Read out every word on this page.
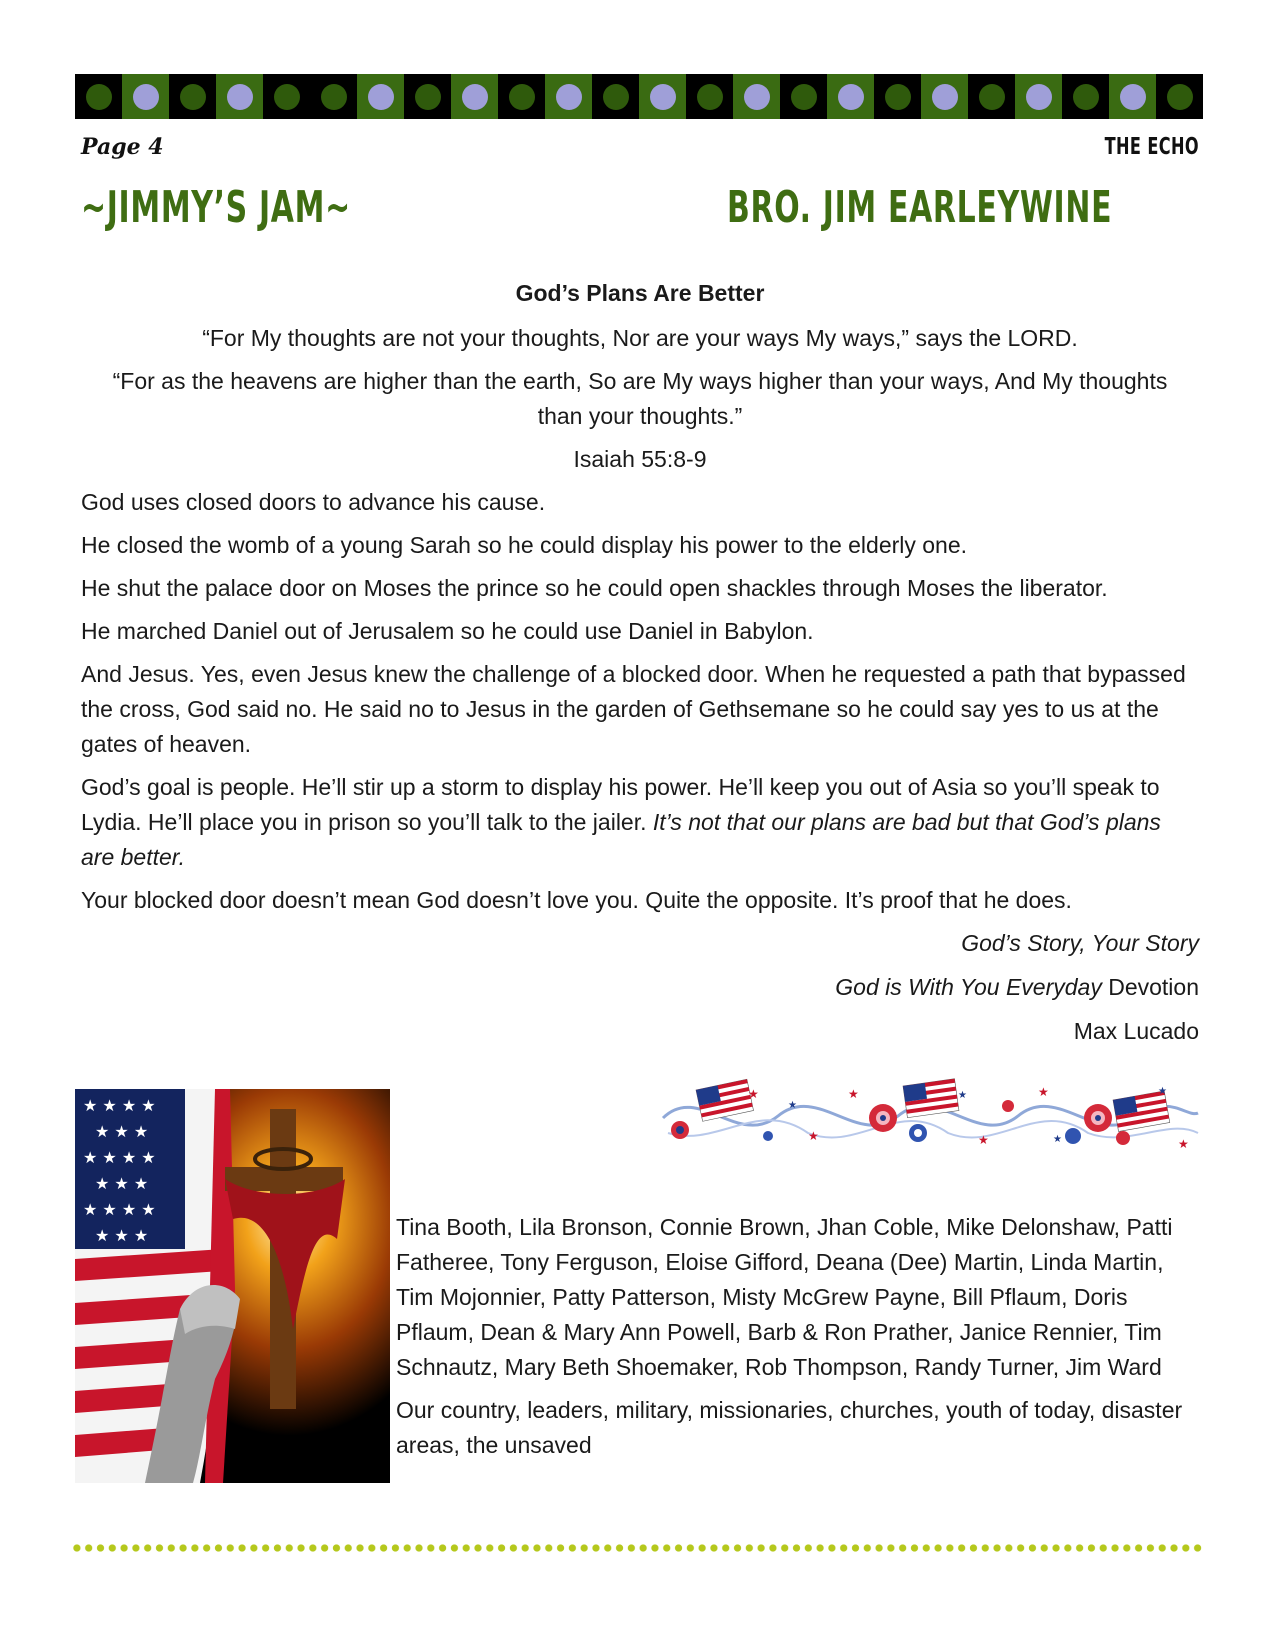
Page 4	THE ECHO
~JIMMY’S JAM~	BRO. JIM EARLEYWINE

God’s Plans Are Better

“For My thoughts are not your thoughts, Nor are your ways My ways,” says the LORD.

“For as the heavens are higher than the earth, So are My ways higher than your ways, And My thoughts than your thoughts.”

Isaiah 55:8-9

God uses closed doors to advance his cause.

He closed the womb of a young Sarah so he could display his power to the elderly one.

He shut the palace door on Moses the prince so he could open shackles through Moses the liberator.

He marched Daniel out of Jerusalem so he could use Daniel in Babylon.

And Jesus. Yes, even Jesus knew the challenge of a blocked door. When he requested a path that bypassed the cross, God said no. He said no to Jesus in the garden of Gethsemane so he could say yes to us at the gates of heaven.

God’s goal is people. He’ll stir up a storm to display his power. He’ll keep you out of Asia so you’ll speak to Lydia. He’ll place you in prison so you’ll talk to the jailer. It’s not that our plans are bad but that God’s plans are better.

Your blocked door doesn’t mean God doesn’t love you. Quite the opposite. It’s proof that he does.

God’s Story, Your Story

God is With You Everyday Devotion

Max Lucado

★ ★ ★ ★
★ ★ ★
★ ★ ★ ★
★ ★ ★
★ ★ ★ ★
★ ★ ★
★
★
★
★
★
★
★
★
★
★

Tina Booth, Lila Bronson, Connie Brown, Jhan Coble, Mike Delonshaw, Patti Fatheree, Tony Ferguson, Eloise Gifford, Deana (Dee) Martin, Linda Martin, Tim Mojonnier, Patty Patterson, Misty McGrew Payne, Bill Pflaum, Doris Pflaum, Dean & Mary Ann Powell, Barb & Ron Prather, Janice Rennier, Tim Schnautz, Mary Beth Shoemaker, Rob Thompson, Randy Turner, Jim Ward

Our country, leaders, military, missionaries, churches, youth of today, disaster areas, the unsaved
